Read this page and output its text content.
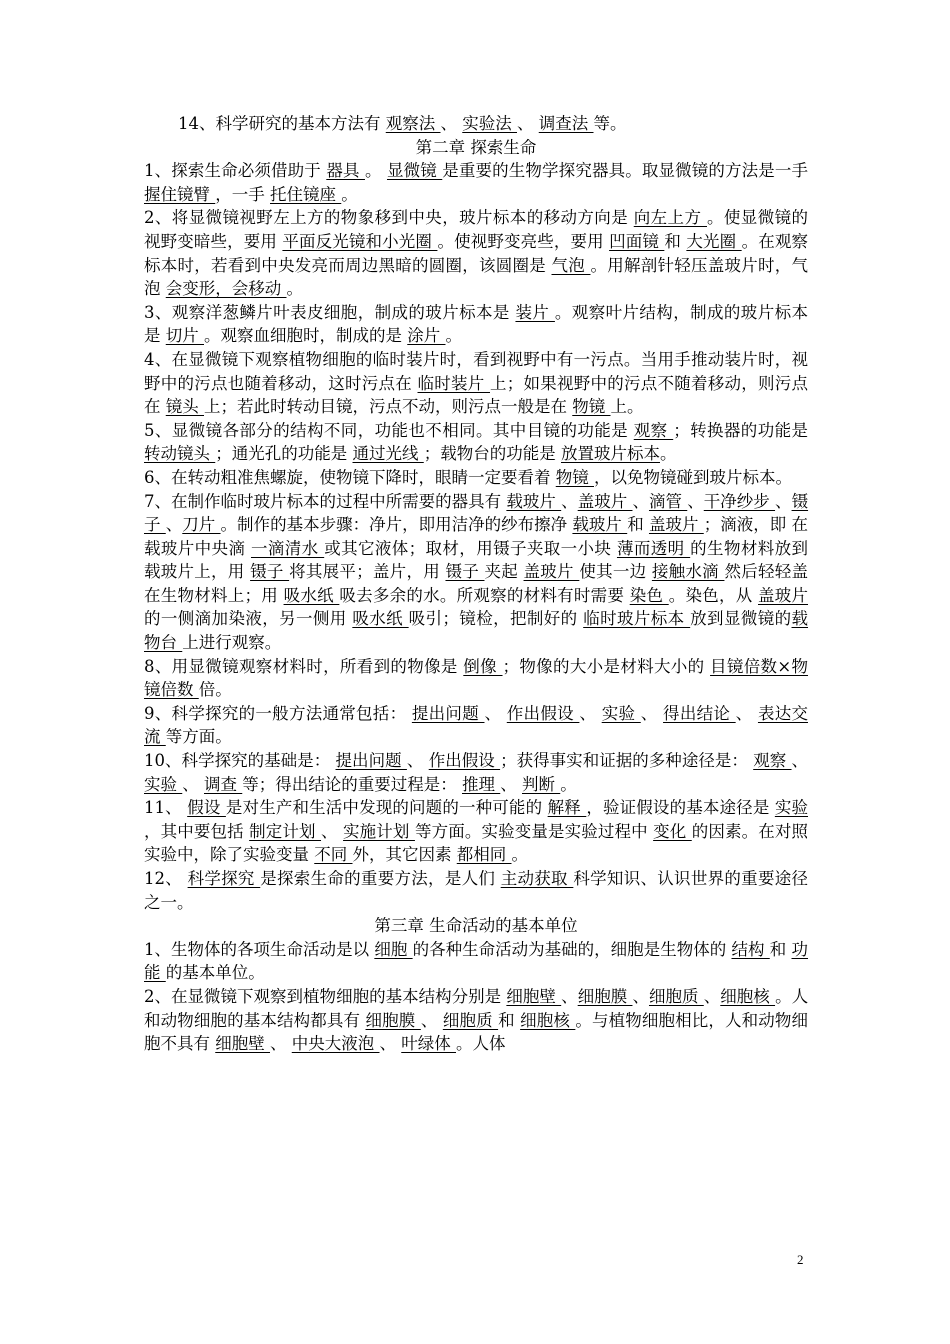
14、科学研究的基本方法有 观察法 、 实验法 、 调查法 等。

第二章 探索生命

1、探索生命必须借助于 器具 。 显微镜 是重要的生物学探究器具。取显微镜的方法是一手 握住镜臂 ，一手 托住镜座 。

2、将显微镜视野左上方的物象移到中央，玻片标本的移动方向是 向左上方 。使显微镜的视野变暗些，要用 平面反光镜和小光圈 。使视野变亮些，要用 凹面镜 和 大光圈 。在观察标本时，若看到中央发亮而周边黑暗的圆圈，该圆圈是 气泡 。用解剖针轻压盖玻片时，气泡 会变形，会移动 。

3、观察洋葱鳞片叶表皮细胞，制成的玻片标本是 装片 。观察叶片结构，制成的玻片标本是 切片 。观察血细胞时，制成的是 涂片 。

4、在显微镜下观察植物细胞的临时装片时，看到视野中有一污点。当用手推动装片时，视野中的污点也随着移动，这时污点在 临时装片 上；如果视野中的污点不随着移动，则污点在 镜头 上；若此时转动目镜，污点不动，则污点一般是在 物镜 上。

5、显微镜各部分的结构不同，功能也不相同。其中目镜的功能是 观察 ；转换器的功能是 转动镜头 ；通光孔的功能是 通过光线 ；载物台的功能是 放置玻片标本。

6、在转动粗准焦螺旋，使物镜下降时，眼睛一定要看着 物镜 ，以免物镜碰到玻片标本。

7、在制作临时玻片标本的过程中所需要的器具有 载玻片 、盖玻片 、滴管 、干净纱步 、镊子 、刀片 。制作的基本步骤：净片，即用洁净的纱布擦净 载玻片 和 盖玻片 ；滴液，即 在载玻片中央滴 一滴清水 或其它液体；取材，用镊子夹取一小块 薄而透明 的生物材料放到载玻片上，用 镊子 将其展平；盖片，用 镊子 夹起 盖玻片 使其一边 接触水滴 然后轻轻盖在生物材料上；用 吸水纸 吸去多余的水。所观察的材料有时需要 染色 。染色，从 盖玻片 的一侧滴加染液，另一侧用 吸水纸 吸引；镜检，把制好的 临时玻片标本 放到显微镜的载物台 上进行观察。

8、用显微镜观察材料时，所看到的物像是 倒像 ；物像的大小是材料大小的 目镜倍数×物镜倍数 倍。

9、科学探究的一般方法通常包括： 提出问题 、 作出假设 、 实验 、 得出结论 、 表达交流 等方面。

10、科学探究的基础是： 提出问题 、 作出假设 ；获得事实和证据的多种途径是： 观察 、实验 、 调查 等；得出结论的重要过程是： 推理 、 判断 。

11、 假设 是对生产和生活中发现的问题的一种可能的 解释 ，验证假设的基本途径是 实验 ，其中要包括 制定计划 、 实施计划 等方面。实验变量是实验过程中 变化 的因素。在对照实验中，除了实验变量 不同 外，其它因素 都相同 。

12、 科学探究 是探索生命的重要方法，是人们 主动获取 科学知识、认识世界的重要途径之一。

第三章 生命活动的基本单位

1、生物体的各项生命活动是以 细胞 的各种生命活动为基础的，细胞是生物体的 结构 和 功能 的基本单位。

2、在显微镜下观察到植物细胞的基本结构分别是 细胞壁 、细胞膜 、细胞质 、细胞核 。人和动物细胞的基本结构都具有 细胞膜 、 细胞质 和 细胞核 。与植物细胞相比，人和动物细胞不具有 细胞壁 、 中央大液泡 、 叶绿体 。人体

2
